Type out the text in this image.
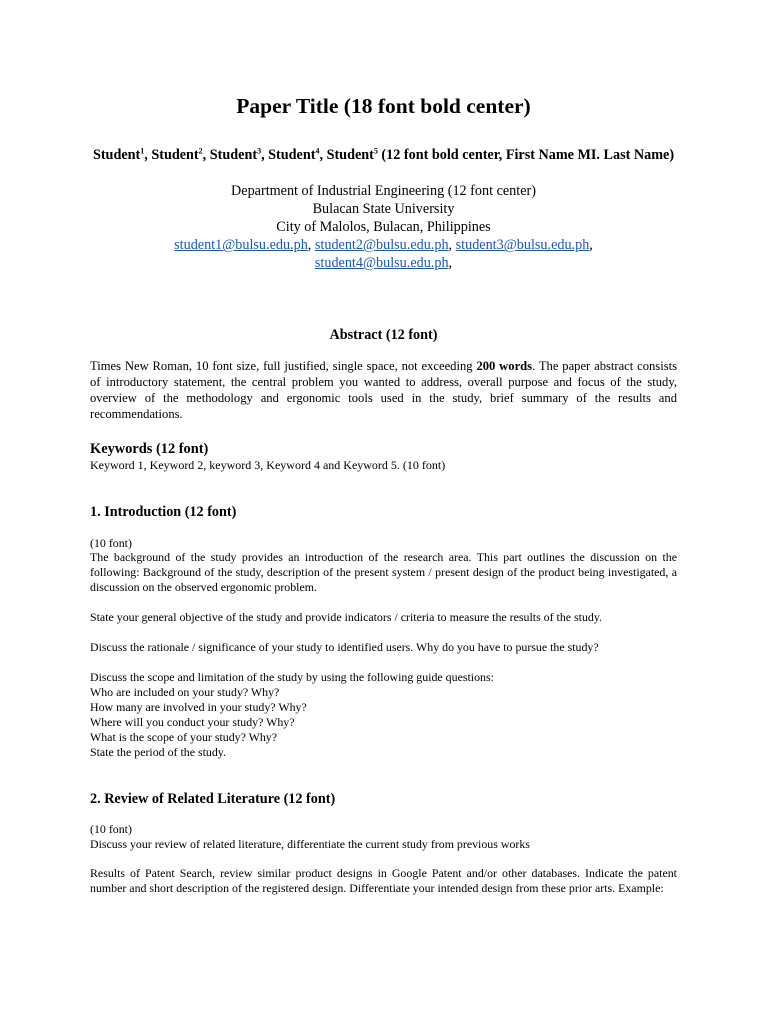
Paper Title (18 font bold center)
Student$^1$, Student$^2$, Student$^3$, Student$^4$, Student$^5$ (12 font bold center, First Name MI. Last Name)
Department of Industrial Engineering (12 font center)
Bulacan State University
City of Malolos, Bulacan, Philippines
student1@bulsu.edu.ph, student2@bulsu.edu.ph, student3@bulsu.edu.ph,
student4@bulsu.edu.ph,
Abstract (12 font)

Times New Roman, 10 font size, full justified, single space, not exceeding 200 words. The paper abstract consists of introductory statement, the central problem you wanted to address, overall purpose and focus of the study, overview of the methodology and ergonomic tools used in the study, brief summary of the results and recommendations.

Keywords (12 font)

Keyword 1, Keyword 2, keyword 3, Keyword 4 and Keyword 5. (10 font)

1. Introduction (12 font)

(10 font)

The background of the study provides an introduction of the research area. This part outlines the discussion on the following: Background of the study, description of the present system / present design of the product being investigated, a discussion on the observed ergonomic problem.

State your general objective of the study and provide indicators / criteria to measure the results of the study.

Discuss the rationale / significance of your study to identified users. Why do you have to pursue the study?

Discuss the scope and limitation of the study by using the following guide questions:
Who are included on your study? Why?
How many are involved in your study? Why?
Where will you conduct your study? Why?
What is the scope of your study? Why?
State the period of the study.
2. Review of Related Literature (12 font)

(10 font)

Discuss your review of related literature, differentiate the current study from previous works

Results of Patent Search, review similar product designs in Google Patent and/or other databases. Indicate the patent number and short description of the registered design. Differentiate your intended design from these prior arts. Example:
